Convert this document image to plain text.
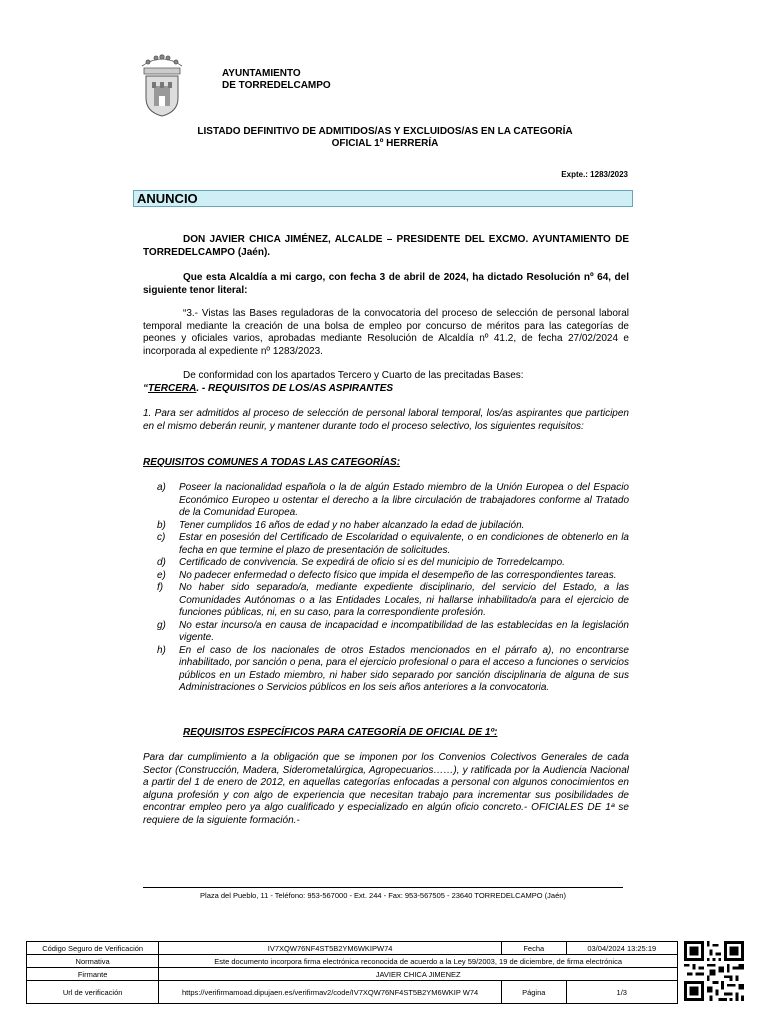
AYUNTAMIENTO
DE TORREDELCAMPO
LISTADO DEFINITIVO DE ADMITIDOS/AS Y EXCLUIDOS/AS EN LA CATEGORÍA
OFICIAL 1º HERRERÍA
Expte.: 1283/2023
ANUNCIO
DON JAVIER CHICA JIMÉNEZ, ALCALDE – PRESIDENTE DEL EXCMO. AYUNTAMIENTO DE TORREDELCAMPO (Jaén).
Que esta Alcaldía a mi cargo, con fecha 3 de abril de 2024, ha dictado Resolución nº 64, del siguiente tenor literal:
“3.- Vistas las Bases reguladoras de la convocatoria del proceso de selección de personal laboral temporal mediante la creación de una bolsa de empleo por concurso de méritos para las categorías de peones y oficiales varios, aprobadas mediante Resolución de Alcaldía nº 41.2, de fecha 27/02/2024 e incorporada al expediente nº 1283/2023.
De conformidad con los apartados Tercero y Cuarto de las precitadas Bases:
“TERCERA. - REQUISITOS DE LOS/AS ASPIRANTES
1. Para ser admitidos al proceso de selección de personal laboral temporal, los/as aspirantes que participen en el mismo deberán reunir, y mantener durante todo el proceso selectivo, los siguientes requisitos:
REQUISITOS COMUNES A TODAS LAS CATEGORÍAS:
a) Poseer la nacionalidad española o la de algún Estado miembro de la Unión Europea o del Espacio Económico Europeo u ostentar el derecho a la libre circulación de trabajadores conforme al Tratado de la Comunidad Europea.
b) Tener cumplidos 16 años de edad y no haber alcanzado la edad de jubilación.
c) Estar en posesión del Certificado de Escolaridad o equivalente, o en condiciones de obtenerlo en la fecha en que termine el plazo de presentación de solicitudes.
d) Certificado de convivencia. Se expedirá de oficio si es del municipio de Torredelcampo.
e) No padecer enfermedad o defecto físico que impida el desempeño de las correspondientes tareas.
f) No haber sido separado/a, mediante expediente disciplinario, del servicio del Estado, a las Comunidades Autónomas o a las Entidades Locales, ni hallarse inhabilitado/a para el ejercicio de funciones públicas, ni, en su caso, para la correspondiente profesión.
g) No estar incurso/a en causa de incapacidad e incompatibilidad de las establecidas en la legislación vigente.
h) En el caso de los nacionales de otros Estados mencionados en el párrafo a), no encontrarse inhabilitado, por sanción o pena, para el ejercicio profesional o para el acceso a funciones o servicios públicos en un Estado miembro, ni haber sido separado por sanción disciplinaria de alguna de sus Administraciones o Servicios públicos en los seis años anteriores a la convocatoria.
REQUISITOS ESPECÍFICOS PARA CATEGORÍA DE OFICIAL DE 1º:
Para dar cumplimiento a la obligación que se imponen por los Convenios Colectivos Generales de cada Sector (Construcción, Madera, Siderometalúrgica, Agropecuarios……), y ratificada por la Audiencia Nacional a partir del 1 de enero de 2012, en aquellas categorías enfocadas a personal con algunos conocimientos en alguna profesión y con algo de experiencia que necesitan trabajo para incrementar sus posibilidades de encontrar empleo pero ya algo cualificado y especializado en algún oficio concreto.- OFICIALES DE 1ª se requiere de la siguiente formación.-
Plaza del Pueblo, 11 - Teléfono: 953-567000 - Ext. 244 - Fax: 953-567505 - 23640 TORREDELCAMPO (Jaén)
Código Seguro de Verificación	IV7XQW76NF4ST5B2YM6WKIPW74	Fecha	03/04/2024 13:25:19
Normativa	Este documento incorpora firma electrónica reconocida de acuerdo a la Ley 59/2003, 19 de diciembre, de firma electrónica		
Firmante	JAVIER CHICA JIMENEZ		
Url de verificación	https://verifirmamoad.dipujaen.es/verifirmav2/code/IV7XQW76NF4ST5B2YM6WKIP W74	Página	1/3
